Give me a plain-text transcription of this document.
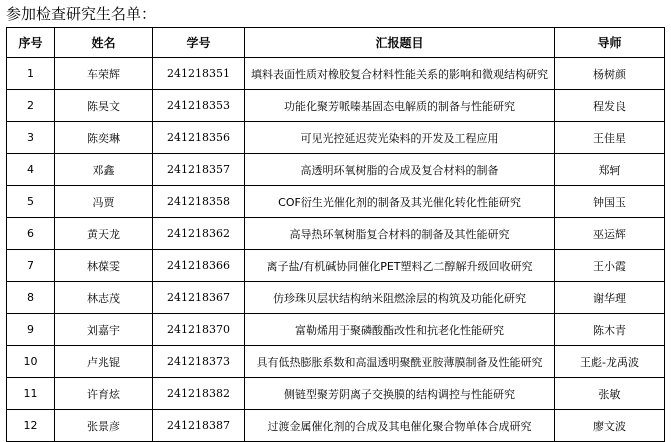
参加检查研究生名单：
序号	姓名	学号	汇报题目	导师
1	车荣辉	241218351	填料表面性质对橡胶复合材料性能关系的影响和微观结构研究	杨树颜
2	陈昊文	241218353	功能化聚芳哌嗪基固态电解质的制备与性能研究	程发良
3	陈奕琳	241218356	可见光控延迟荧光染料的开发及工程应用	王佳星
4	邓鑫	241218357	高透明环氧树脂的合成及复合材料的制备	郑轲
5	冯贾	241218358	COF衍生光催化剂的制备及其光催化转化性能研究	钟国玉
6	黄天龙	241218362	高导热环氧树脂复合材料的制备及其性能研究	巫运辉
7	林葆雯	241218366	离子盐/有机碱协同催化PET塑料乙二醇解升级回收研究	王小霞
8	林志茂	241218367	仿珍珠贝层状结构纳米阻燃涂层的构筑及功能化研究	谢华理
9	刘嘉宇	241218370	富勒烯用于聚磷酸酯改性和抗老化性能研究	陈木青
10	卢兆锟	241218373	具有低热膨胀系数和高温透明聚酰亚胺薄膜制备及性能研究	王彪-龙禹波
11	许育炫	241218382	侧链型聚芳阴离子交换膜的结构调控与性能研究	张敏
12	张景彦	241218387	过渡金属催化剂的合成及其电催化聚合物单体合成研究	廖文波
